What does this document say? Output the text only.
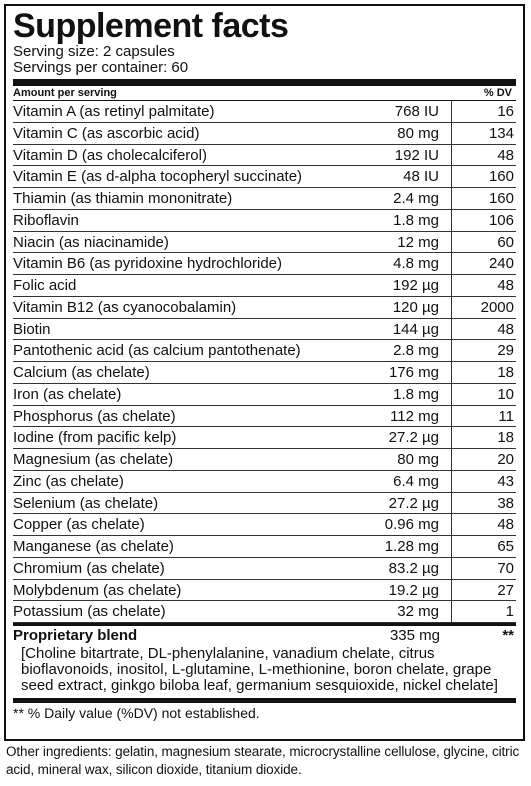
Supplement facts
Serving size: 2 capsules
Servings per container: 60
Amount per serving	% DV
Vitamin A (as retinyl palmitate)	768 IU	16
Vitamin C (as ascorbic acid)	80 mg	134
Vitamin D (as cholecalciferol)	192 IU	48
Vitamin E (as d-alpha tocopheryl succinate)	48 IU	160
Thiamin (as thiamin mononitrate)	2.4 mg	160
Riboflavin	1.8 mg	106
Niacin (as niacinamide)	12 mg	60
Vitamin B6 (as pyridoxine hydrochloride)	4.8 mg	240
Folic acid	192 µg	48
Vitamin B12 (as cyanocobalamin)	120 µg	2000
Biotin	144 µg	48
Pantothenic acid (as calcium pantothenate)	2.8 mg	29
Calcium (as chelate)	176 mg	18
Iron (as chelate)	1.8 mg	10
Phosphorus (as chelate)	112 mg	11
Iodine (from pacific kelp)	27.2 µg	18
Magnesium (as chelate)	80 mg	20
Zinc (as chelate)	6.4 mg	43
Selenium (as chelate)	27.2 µg	38
Copper (as chelate)	0.96 mg	48
Manganese (as chelate)	1.28 mg	65
Chromium (as chelate)	83.2 µg	70
Molybdenum (as chelate)	19.2 µg	27
Potassium (as chelate)	32 mg	1
Proprietary blend	335 mg	**
[Choline bitartrate, DL-phenylalanine, vanadium chelate, citrus bioflavonoids, inositol, L-glutamine, L-methionine, boron chelate, grape seed extract, ginkgo biloba leaf, germanium sesquioxide, nickel chelate]
** % Daily value (%DV) not established.
Other ingredients: gelatin, magnesium stearate, microcrystalline cellulose, glycine, citric acid, mineral wax, silicon dioxide, titanium dioxide.
